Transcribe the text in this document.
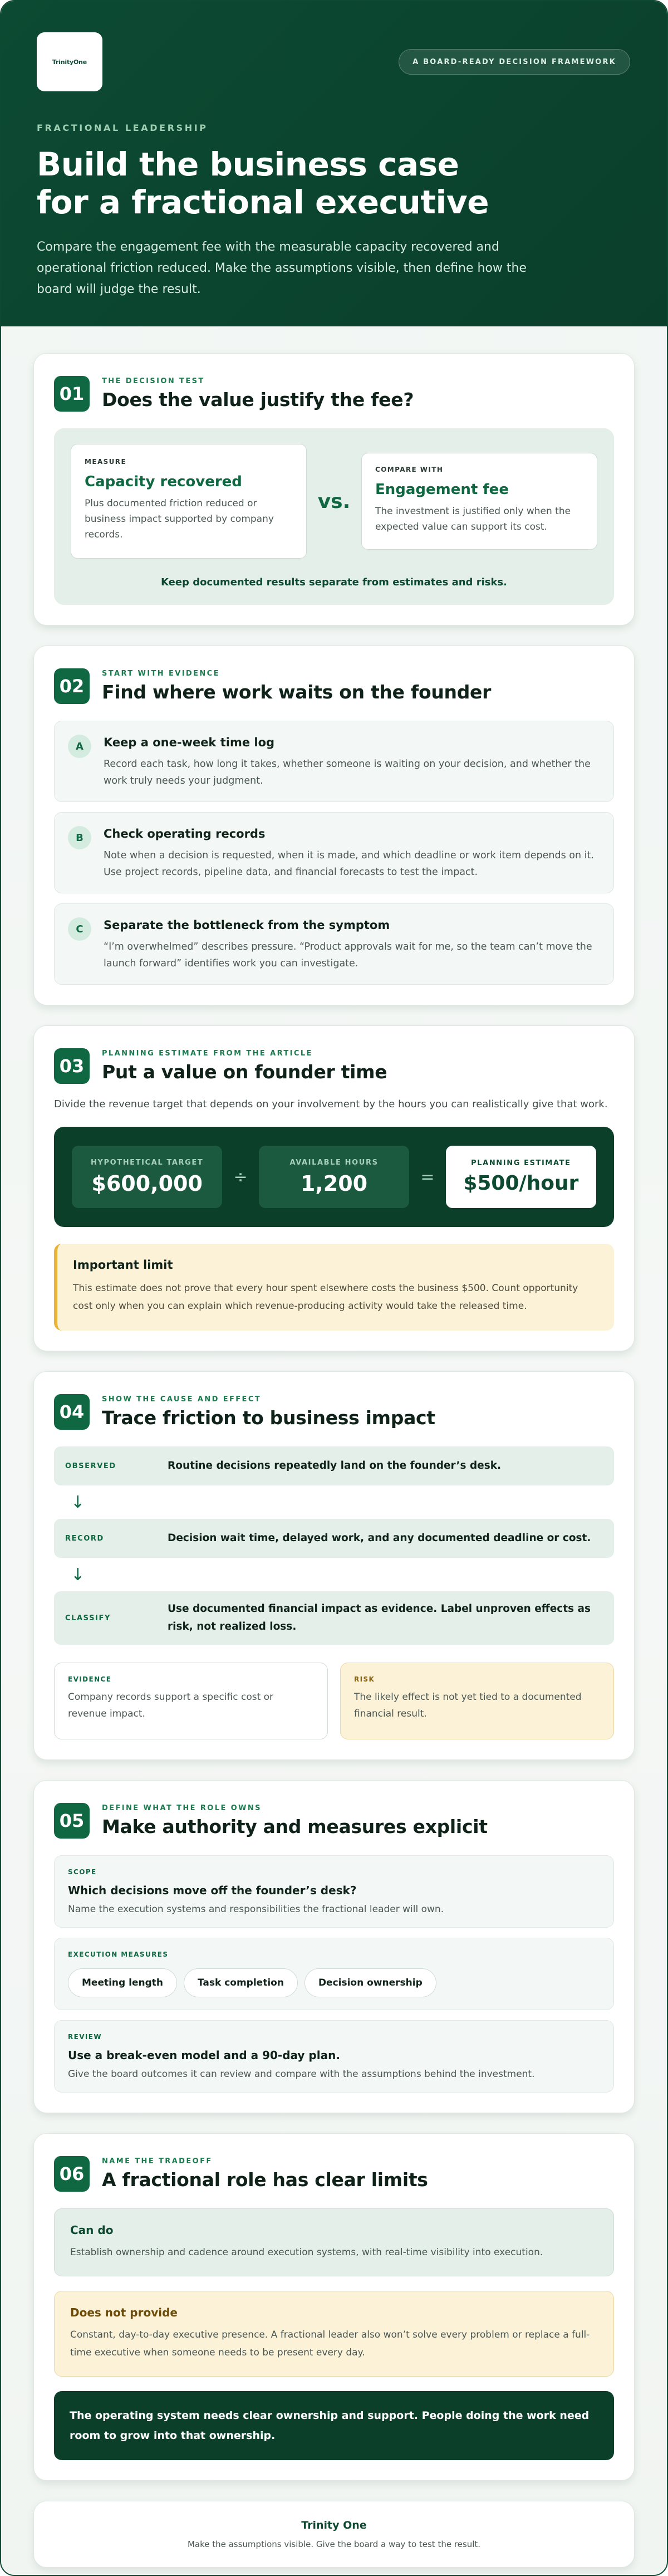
TrinityOne	A BOARD-READY DECISION FRAMEWORK
FRACTIONAL LEADERSHIP
Build the business case
for a fractional executive

Compare the engagement fee with the measurable capacity recovered and operational friction reduced. Make the assumptions visible, then define how the board will judge the result.

01
THE DECISION TEST
Does the value justify the fee?
MEASURE
Capacity recovered
Plus documented friction reduced or business impact supported by company records.
vs.
COMPARE WITH
Engagement fee
The investment is justified only when the expected value can support its cost.
Keep documented results separate from estimates and risks.
02
START WITH EVIDENCE
Find where work waits on the founder
A	Keep a one-week time log
Record each task, how long it takes, whether someone is waiting on your decision, and whether the work truly needs your judgment.
B	Check operating records
Note when a decision is requested, when it is made, and which deadline or work item depends on it. Use project records, pipeline data, and financial forecasts to test the impact.
C	Separate the bottleneck from the symptom
“I’m overwhelmed” describes pressure. “Product approvals wait for me, so the team can’t move the launch forward” identifies work you can investigate.
03
PLANNING ESTIMATE FROM THE ARTICLE
Put a value on founder time

Divide the revenue target that depends on your involvement by the hours you can realistically give that work.

HYPOTHETICAL TARGET
$600,000	÷
AVAILABLE HOURS
1,200	=
PLANNING ESTIMATE
$500/hour
Important limit
This estimate does not prove that every hour spent elsewhere costs the business $500. Count opportunity cost only when you can explain which revenue-producing activity would take the released time.
04
SHOW THE CAUSE AND EFFECT
Trace friction to business impact
OBSERVED	Routine decisions repeatedly land on the founder’s desk.
↓
RECORD	Decision wait time, delayed work, and any documented deadline or cost.
↓
CLASSIFY
Use documented financial impact as evidence. Label unproven effects as risk, not realized loss.
EVIDENCE
Company records support a specific cost or revenue impact.
RISK
The likely effect is not yet tied to a documented financial result.
05
DEFINE WHAT THE ROLE OWNS
Make authority and measures explicit
SCOPE
Which decisions move off the founder’s desk?
Name the execution systems and responsibilities the fractional leader will own.
EXECUTION MEASURES
Meeting length	Task completion	Decision ownership
REVIEW
Use a break-even model and a 90-day plan.
Give the board outcomes it can review and compare with the assumptions behind the investment.
06
NAME THE TRADEOFF
A fractional role has clear limits
Can do
Establish ownership and cadence around execution systems, with real-time visibility into execution.
Does not provide
Constant, day-to-day executive presence. A fractional leader also won’t solve every problem or replace a full-time executive when someone needs to be present every day.
The operating system needs clear ownership and support. People doing the work need room to grow into that ownership.
Trinity One
Make the assumptions visible. Give the board a way to test the result.
